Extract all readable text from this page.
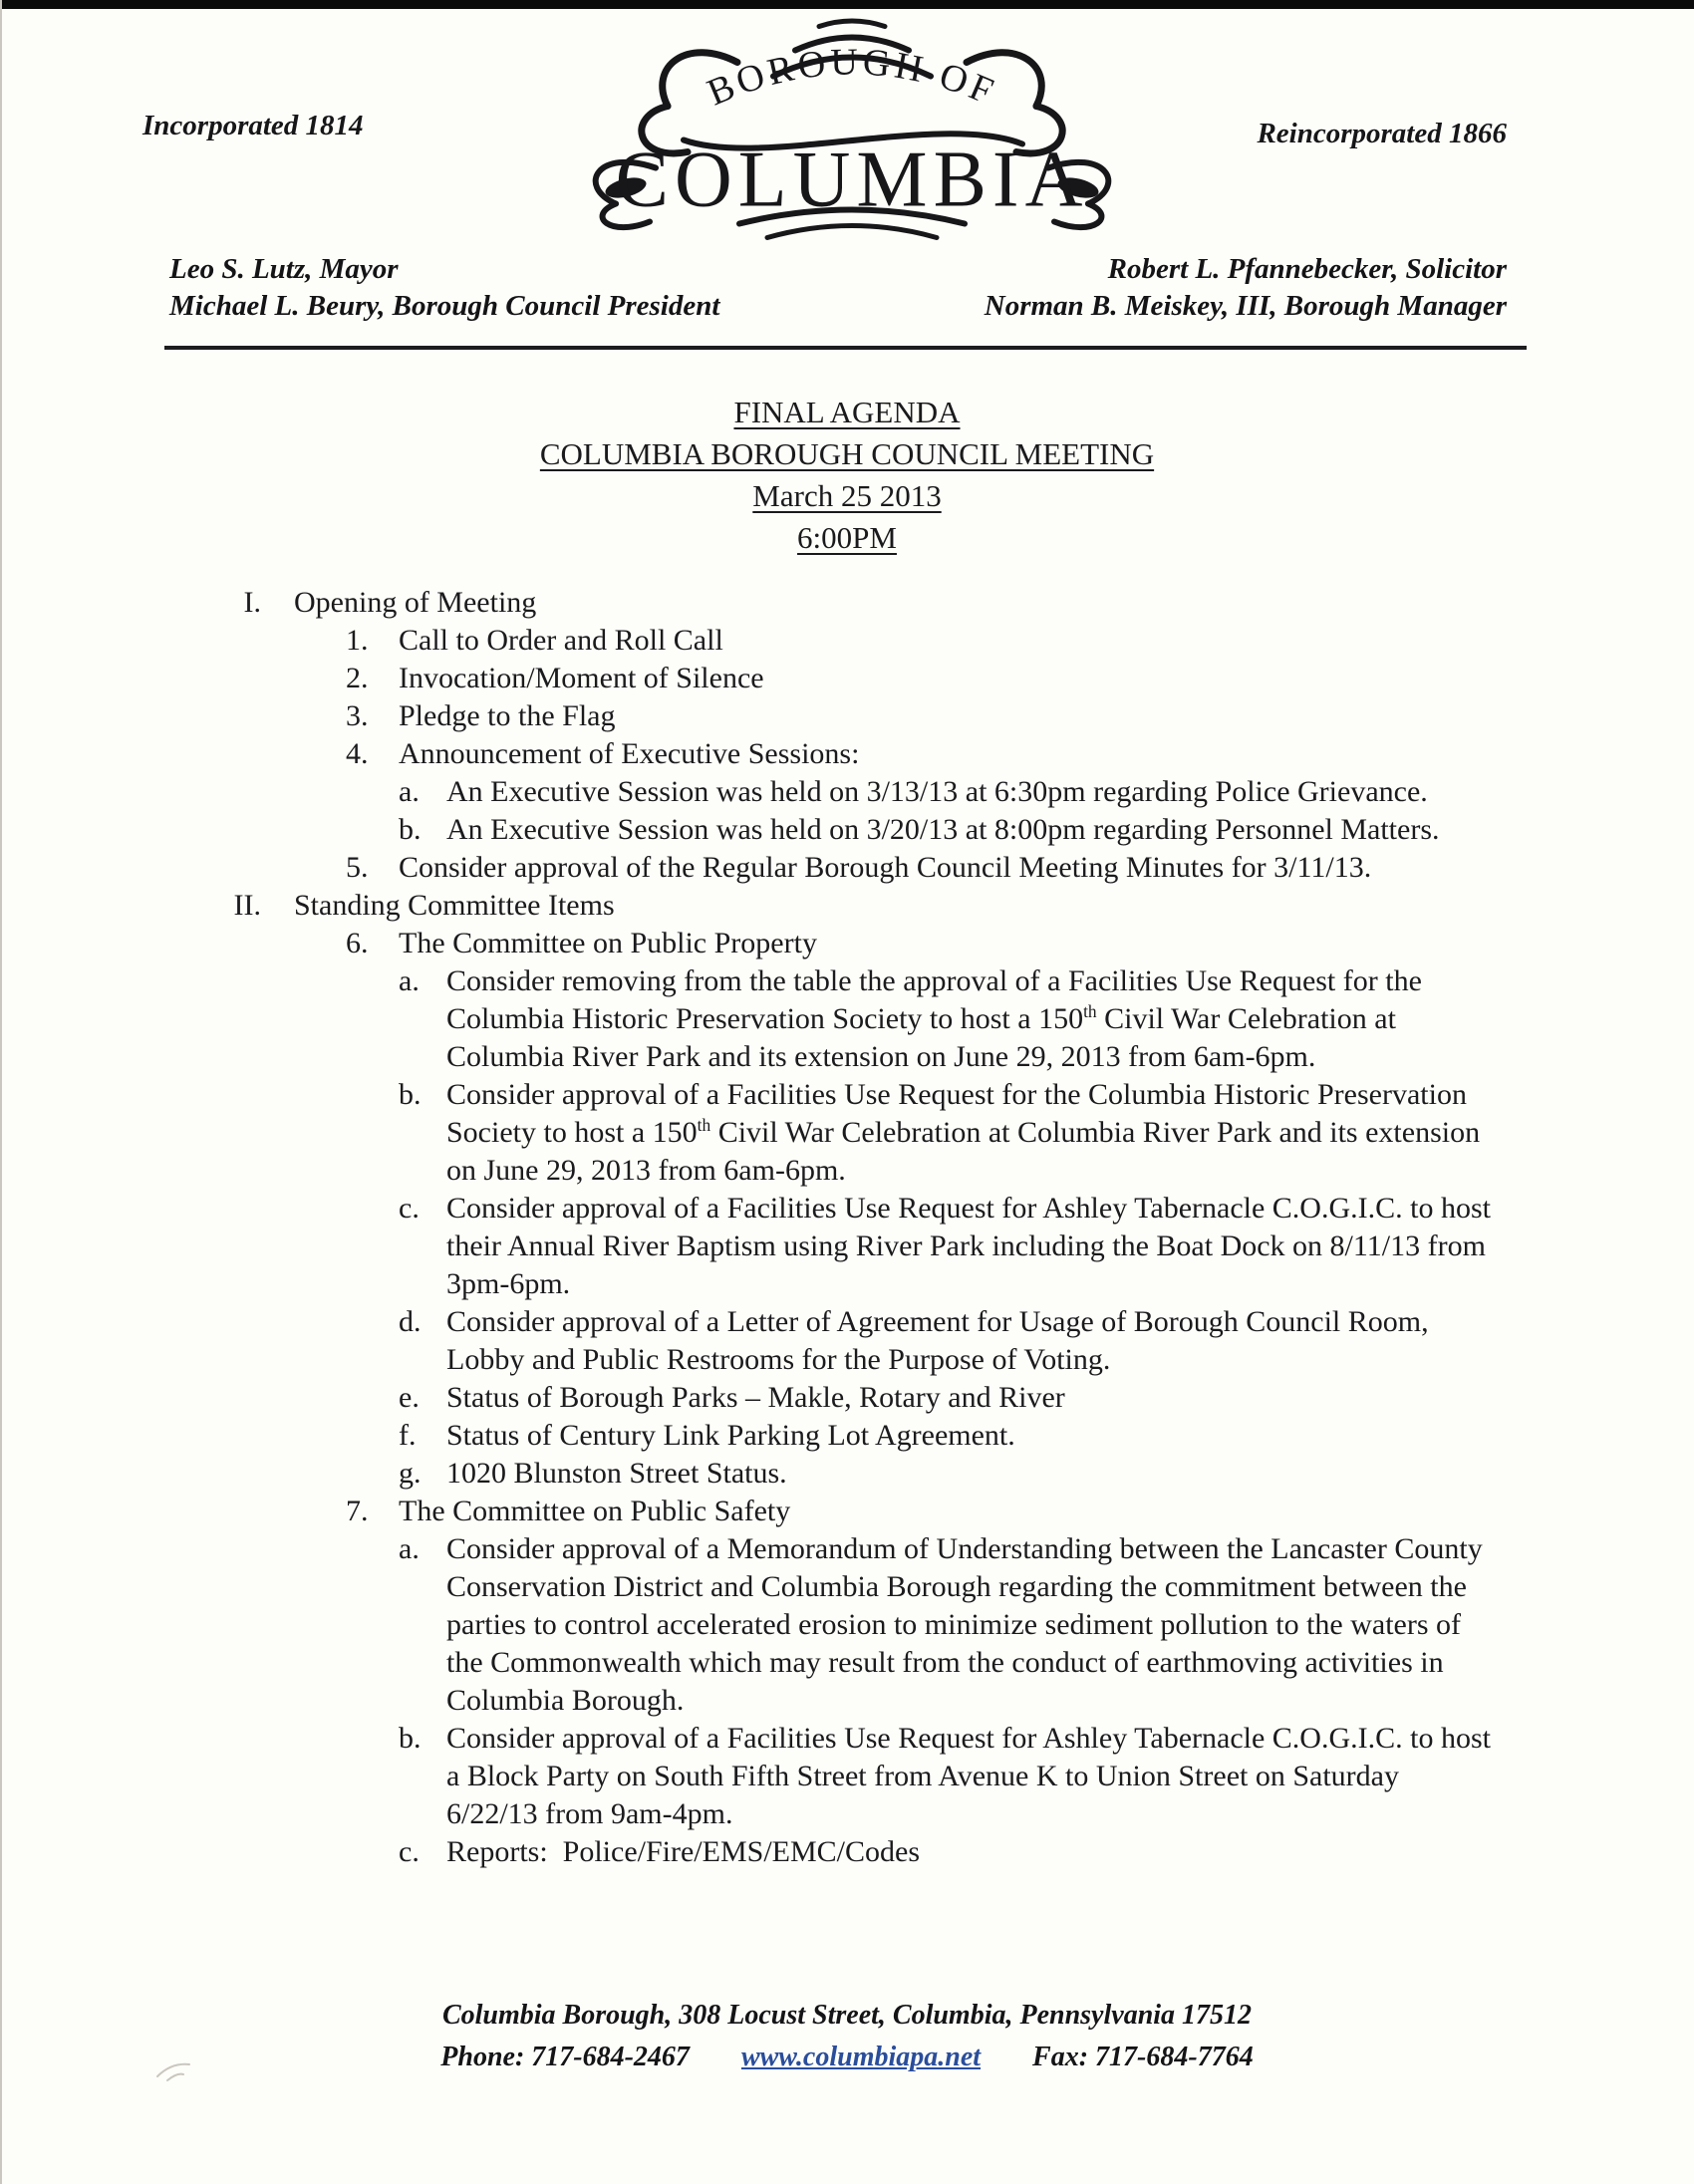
Incorporated 1814	Reincorporated 1866
BOROUGH OF
COLUMBIA
Leo S. Lutz, Mayor
Michael L. Beury, Borough Council President
Robert L. Pfannebecker, Solicitor
Norman B. Meiskey, III, Borough Manager
FINAL AGENDA
COLUMBIA BOROUGH COUNCIL MEETING
March 25 2013
6:00PM
I. Opening of Meeting
1.	Call to Order and Roll Call
2.	Invocation/Moment of Silence
3.	Pledge to the Flag
4.	Announcement of Executive Sessions:
a. An Executive Session was held on 3/13/13 at 6:30pm regarding Police Grievance.
b. An Executive Session was held on 3/20/13 at 8:00pm regarding Personnel Matters.
5.	Consider approval of the Regular Borough Council Meeting Minutes for 3/11/13.
II. Standing Committee Items
6.	The Committee on Public Property
a. Consider removing from the table the approval of a Facilities Use Request for the Columbia Historic Preservation Society to host a 150th Civil War Celebration at Columbia River Park and its extension on June 29, 2013 from 6am-6pm.
b. Consider approval of a Facilities Use Request for the Columbia Historic Preservation Society to host a 150th Civil War Celebration at Columbia River Park and its extension on June 29, 2013 from 6am-6pm.
c. Consider approval of a Facilities Use Request for Ashley Tabernacle C.O.G.I.C. to host their Annual River Baptism using River Park including the Boat Dock on 8/11/13 from 3pm-6pm.
d. Consider approval of a Letter of Agreement for Usage of Borough Council Room, Lobby and Public Restrooms for the Purpose of Voting.
e. Status of Borough Parks – Makle, Rotary and River
f.	Status of Century Link Parking Lot Agreement.
g. 1020 Blunston Street Status.
7.	The Committee on Public Safety
a. Consider approval of a Memorandum of Understanding between the Lancaster County Conservation District and Columbia Borough regarding the commitment between the parties to control accelerated erosion to minimize sediment pollution to the waters of the Commonwealth which may result from the conduct of earthmoving activities in Columbia Borough.
b. Consider approval of a Facilities Use Request for Ashley Tabernacle C.O.G.I.C. to host a Block Party on South Fifth Street from Avenue K to Union Street on Saturday 6/22/13 from 9am-4pm.
c. Reports:  Police/Fire/EMS/EMC/Codes
Columbia Borough, 308 Locust Street, Columbia, Pennsylvania 17512
Phone: 717-684-2467 www.columbiapa.net Fax: 717-684-7764
